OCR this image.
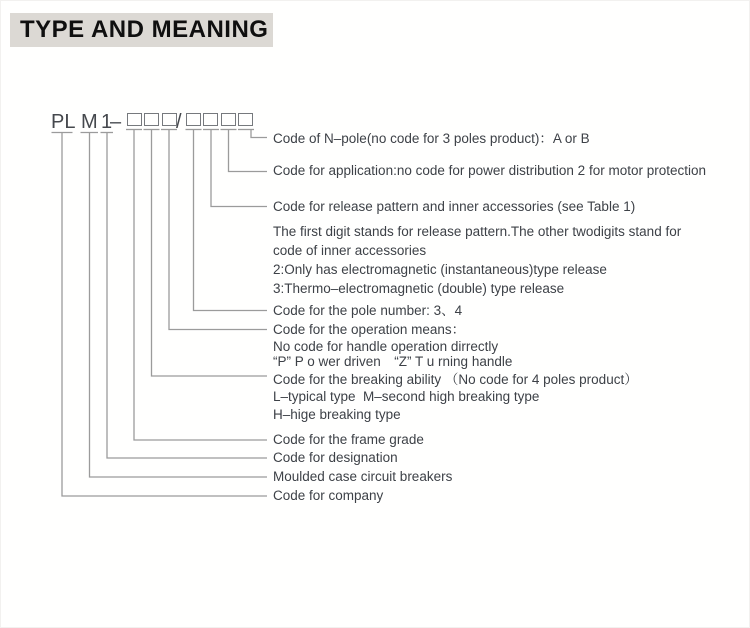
TYPE AND MEANING
PL M 1
–	/
Code of N–pole(no code for 3 poles product)：A or B
Code for application:no code for power distribution 2 for motor protection
Code for release pattern and inner accessories (see Table 1)
The first digit stands for release pattern.The other twodigits stand for
code of inner accessories
2:Only has electromagnetic (instantaneous)type release
3:Thermo–electromagnetic (double) type release
Code for the pole number: 3、4
Code for the operation means：
No code for handle operation dirrectly
“P” P o wer driven　“Z” T u rning handle
Code for the breaking ability （No code for 4 poles product）
L–typical type  M–second high breaking type
H–hige breaking type
Code for the frame grade
Code for designation
Moulded case circuit breakers
Code for company
